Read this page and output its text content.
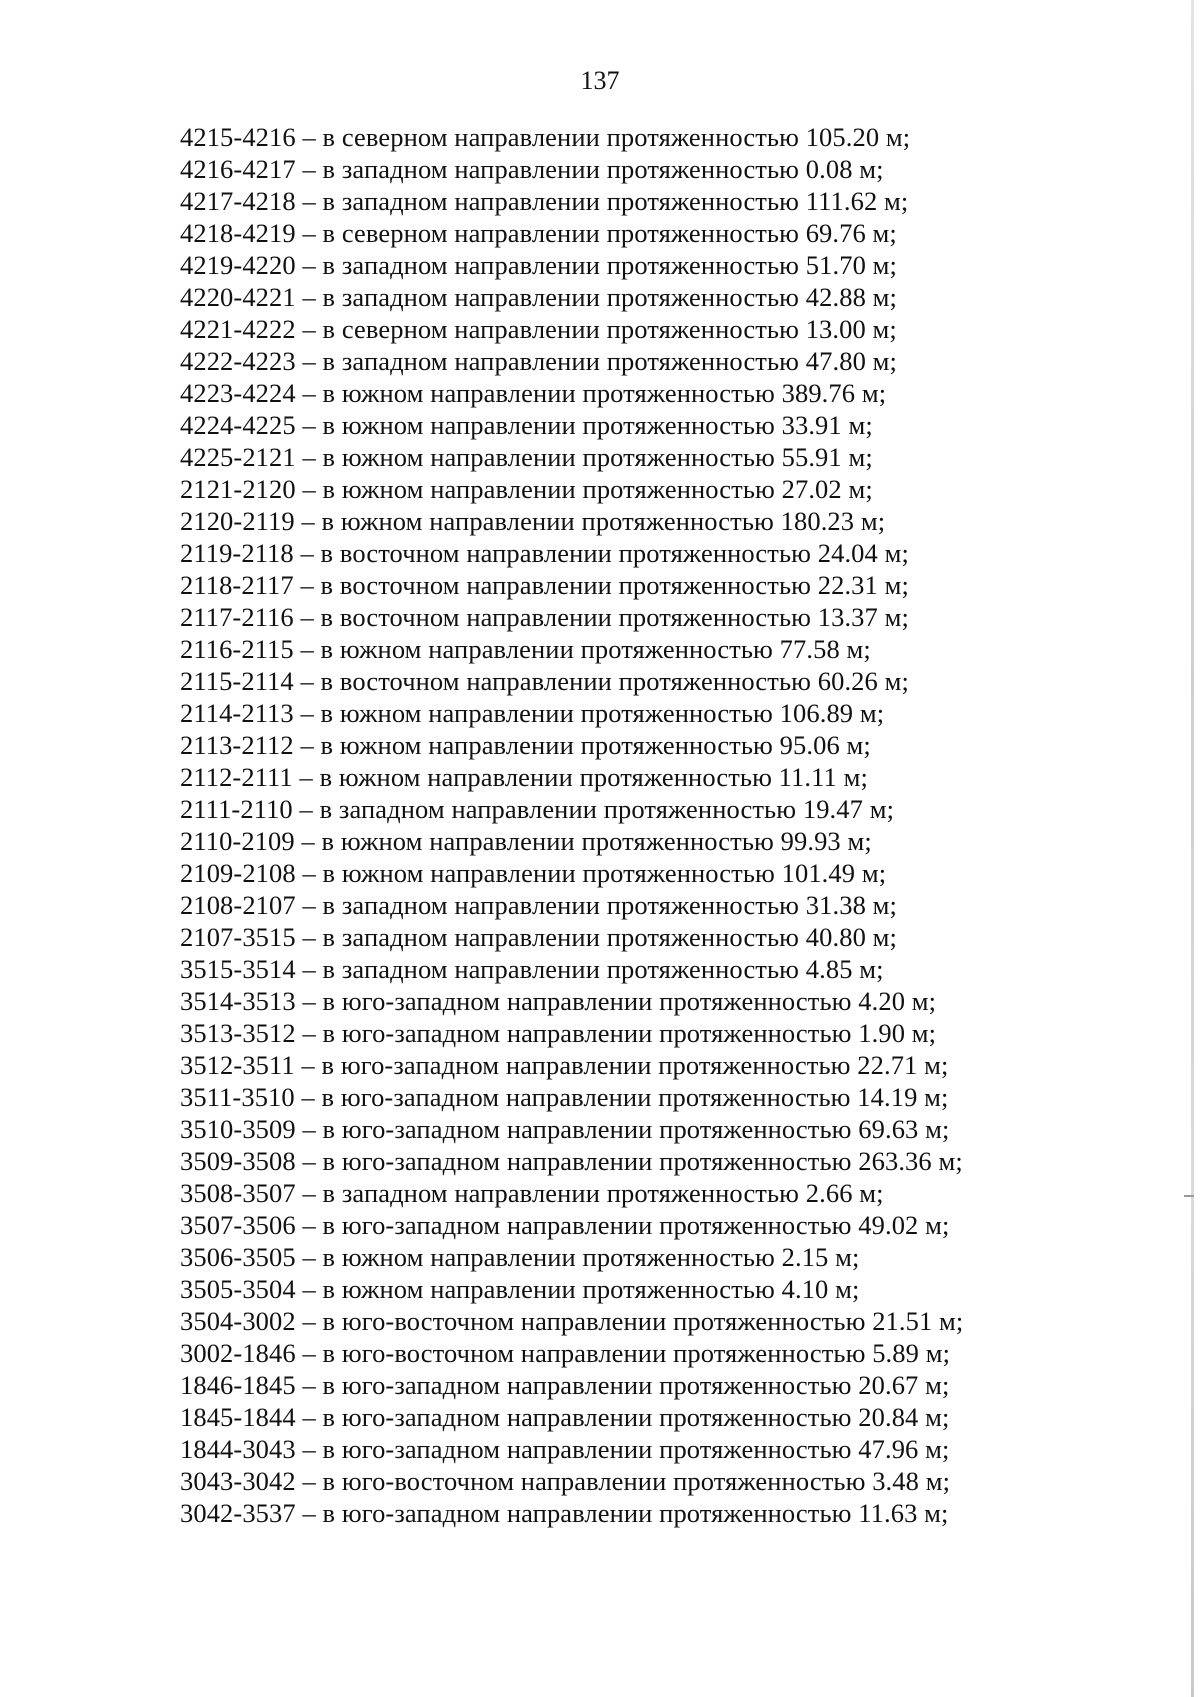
137
4215-4216 – в северном направлении протяженностью 105.20 м;
4216-4217 – в западном направлении протяженностью 0.08 м;
4217-4218 – в западном направлении протяженностью 111.62 м;
4218-4219 – в северном направлении протяженностью 69.76 м;
4219-4220 – в западном направлении протяженностью 51.70 м;
4220-4221 – в западном направлении протяженностью 42.88 м;
4221-4222 – в северном направлении протяженностью 13.00 м;
4222-4223 – в западном направлении протяженностью 47.80 м;
4223-4224 – в южном направлении протяженностью 389.76 м;
4224-4225 – в южном направлении протяженностью 33.91 м;
4225-2121 – в южном направлении протяженностью 55.91 м;
2121-2120 – в южном направлении протяженностью 27.02 м;
2120-2119 – в южном направлении протяженностью 180.23 м;
2119-2118 – в восточном направлении протяженностью 24.04 м;
2118-2117 – в восточном направлении протяженностью 22.31 м;
2117-2116 – в восточном направлении протяженностью 13.37 м;
2116-2115 – в южном направлении протяженностью 77.58 м;
2115-2114 – в восточном направлении протяженностью 60.26 м;
2114-2113 – в южном направлении протяженностью 106.89 м;
2113-2112 – в южном направлении протяженностью 95.06 м;
2112-2111 – в южном направлении протяженностью 11.11 м;
2111-2110 – в западном направлении протяженностью 19.47 м;
2110-2109 – в южном направлении протяженностью 99.93 м;
2109-2108 – в южном направлении протяженностью 101.49 м;
2108-2107 – в западном направлении протяженностью 31.38 м;
2107-3515 – в западном направлении протяженностью 40.80 м;
3515-3514 – в западном направлении протяженностью 4.85 м;
3514-3513 – в юго-западном направлении протяженностью 4.20 м;
3513-3512 – в юго-западном направлении протяженностью 1.90 м;
3512-3511 – в юго-западном направлении протяженностью 22.71 м;
3511-3510 – в юго-западном направлении протяженностью 14.19 м;
3510-3509 – в юго-западном направлении протяженностью 69.63 м;
3509-3508 – в юго-западном направлении протяженностью 263.36 м;
3508-3507 – в западном направлении протяженностью 2.66 м;
3507-3506 – в юго-западном направлении протяженностью 49.02 м;
3506-3505 – в южном направлении протяженностью 2.15 м;
3505-3504 – в южном направлении протяженностью 4.10 м;
3504-3002 – в юго-восточном направлении протяженностью 21.51 м;
3002-1846 – в юго-восточном направлении протяженностью 5.89 м;
1846-1845 – в юго-западном направлении протяженностью 20.67 м;
1845-1844 – в юго-западном направлении протяженностью 20.84 м;
1844-3043 – в юго-западном направлении протяженностью 47.96 м;
3043-3042 – в юго-восточном направлении протяженностью 3.48 м;
3042-3537 – в юго-западном направлении протяженностью 11.63 м;
